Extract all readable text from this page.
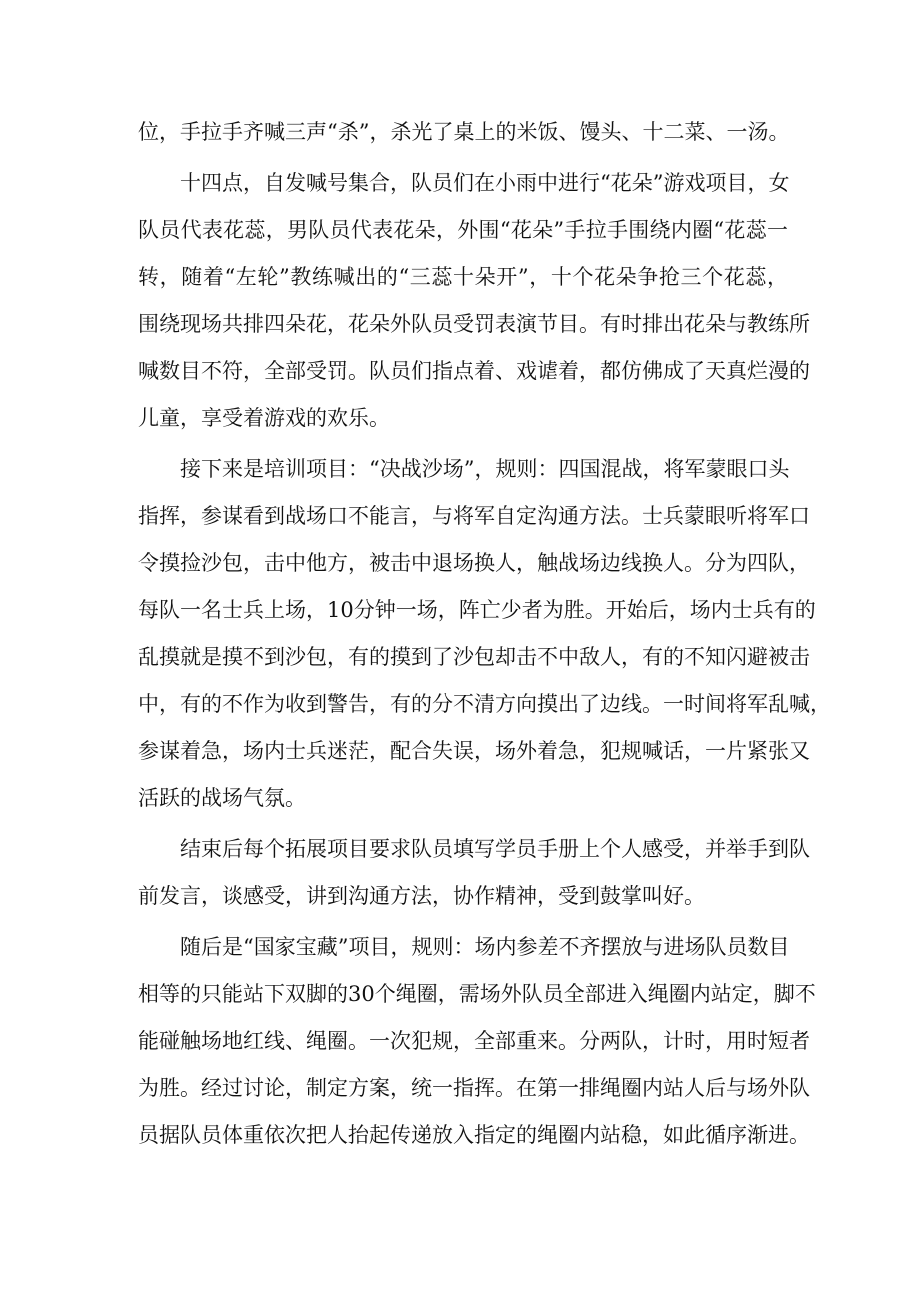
位，手拉手齐喊三声“杀”，杀光了桌上的米饭、馒头、十二菜、一汤。

十四点，自发喊号集合，队员们在小雨中进行“花朵”游戏项目，女
队员代表花蕊，男队员代表花朵，外围“花朵”手拉手围绕内圈“花蕊一
转，随着“左轮”教练喊出的“三蕊十朵开”，十个花朵争抢三个花蕊，
围绕现场共排四朵花，花朵外队员受罚表演节目。有时排出花朵与教练所
喊数目不符，全部受罚。队员们指点着、戏谑着，都仿佛成了天真烂漫的
儿童，享受着游戏的欢乐。

接下来是培训项目：“决战沙场”，规则：四国混战，将军蒙眼口头
指挥，参谋看到战场口不能言，与将军自定沟通方法。士兵蒙眼听将军口
令摸捡沙包，击中他方，被击中退场换人，触战场边线换人。分为四队，
每队一名士兵上场，10分钟一场，阵亡少者为胜。开始后，场内士兵有的
乱摸就是摸不到沙包，有的摸到了沙包却击不中敌人，有的不知闪避被击
中，有的不作为收到警告，有的分不清方向摸出了边线。一时间将军乱喊，
参谋着急，场内士兵迷茫，配合失误，场外着急，犯规喊话，一片紧张又
活跃的战场气氛。

结束后每个拓展项目要求队员填写学员手册上个人感受，并举手到队
前发言，谈感受，讲到沟通方法，协作精神，受到鼓掌叫好。

随后是“国家宝藏”项目，规则：场内参差不齐摆放与进场队员数目
相等的只能站下双脚的30个绳圈，需场外队员全部进入绳圈内站定，脚不
能碰触场地红线、绳圈。一次犯规，全部重来。分两队，计时，用时短者
为胜。经过讨论，制定方案，统一指挥。在第一排绳圈内站人后与场外队
员据队员体重依次把人抬起传递放入指定的绳圈内站稳，如此循序渐进。
